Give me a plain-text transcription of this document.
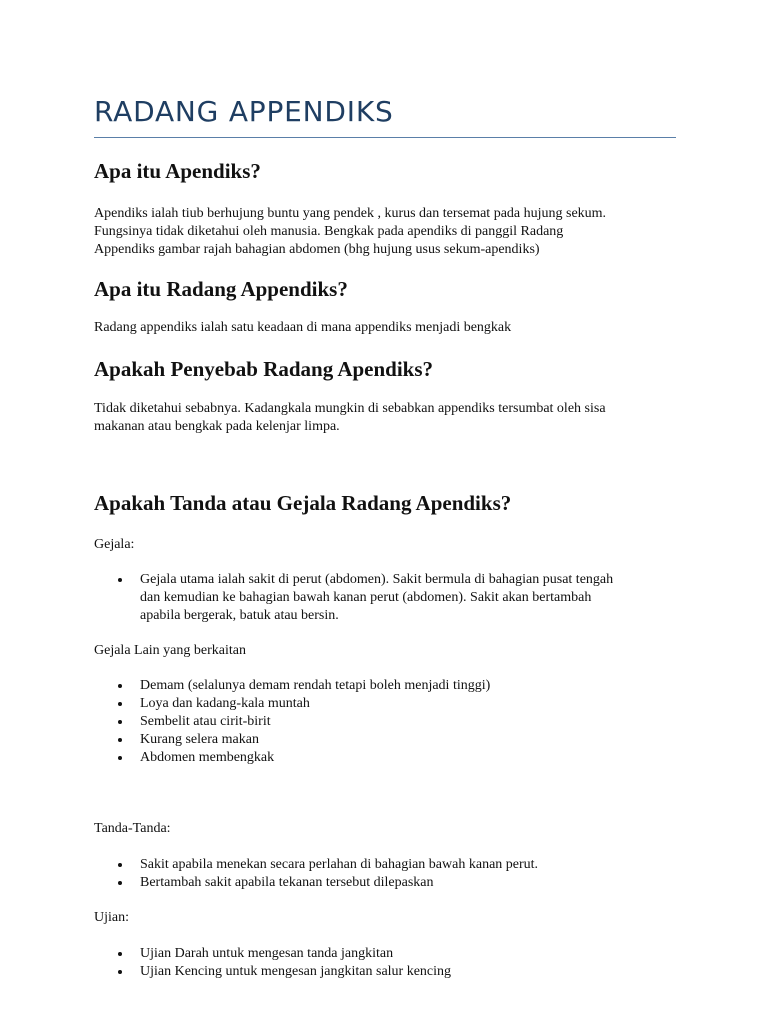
RADANG APPENDIKS
Apa itu Apendiks?

Apendiks ialah tiub berhujung buntu yang pendek , kurus dan tersemat pada hujung sekum.
Fungsinya tidak diketahui oleh manusia. Bengkak pada apendiks di panggil Radang
Appendiks gambar rajah bahagian abdomen (bhg hujung usus sekum-apendiks)

Apa itu Radang Appendiks?

Radang appendiks ialah satu keadaan di mana appendiks menjadi bengkak

Apakah Penyebab Radang Apendiks?

Tidak diketahui sebabnya. Kadangkala mungkin di sebabkan appendiks tersumbat oleh sisa
makanan atau bengkak pada kelenjar limpa.

Apakah Tanda atau Gejala Radang Apendiks?

Gejala:

Gejala utama ialah sakit di perut (abdomen). Sakit bermula di bahagian pusat tengah
dan kemudian ke bahagian bawah kanan perut (abdomen). Sakit akan bertambah
apabila bergerak, batuk atau bersin.

Gejala Lain yang berkaitan

Demam (selalunya demam rendah tetapi boleh menjadi tinggi)
Loya dan kadang-kala muntah
Sembelit atau cirit-birit
Kurang selera makan
Abdomen membengkak

Tanda-Tanda:

Sakit apabila menekan secara perlahan di bahagian bawah kanan perut.
Bertambah sakit apabila tekanan tersebut dilepaskan

Ujian:

Ujian Darah untuk mengesan tanda jangkitan
Ujian Kencing untuk mengesan jangkitan salur kencing
